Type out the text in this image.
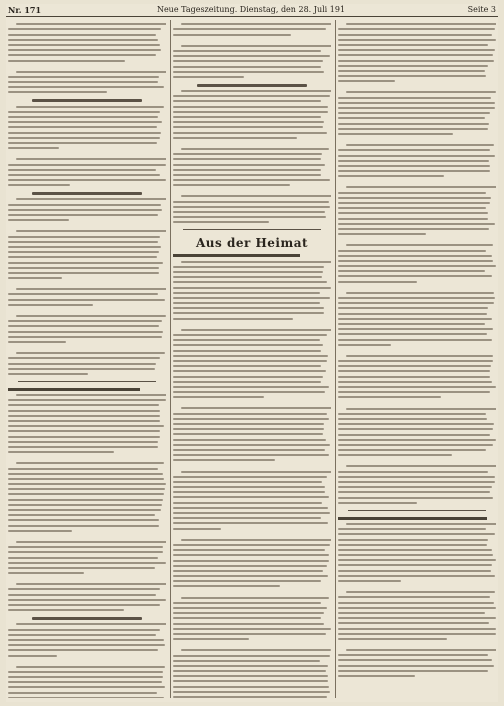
Nr. 171	Neue Tageszeitung. Dienstag, den 28. Juli 191	Seite 3
Aus der Heimat
